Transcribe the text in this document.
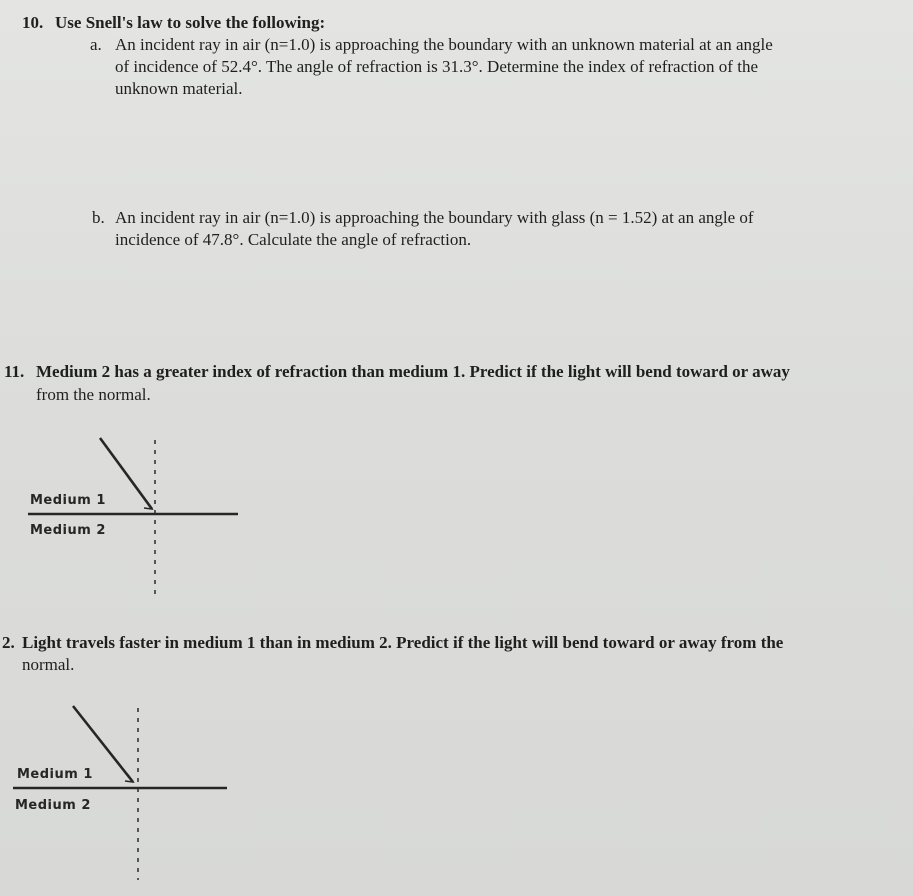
10. Use Snell's law to solve the following:
a. An incident ray in air (n=1.0) is approaching the boundary with an unknown material at an angle
of incidence of 52.4°. The angle of refraction is 31.3°. Determine the index of refraction of the
unknown material.
b. An incident ray in air (n=1.0) is approaching the boundary with glass (n = 1.52) at an angle of
incidence of 47.8°. Calculate the angle of refraction.
11. Medium 2 has a greater index of refraction than medium 1. Predict if the light will bend toward or away
from the normal.
Medium 1
Medium 2
2. Light travels faster in medium 1 than in medium 2. Predict if the light will bend toward or away from the
normal.
Medium 1
Medium 2
